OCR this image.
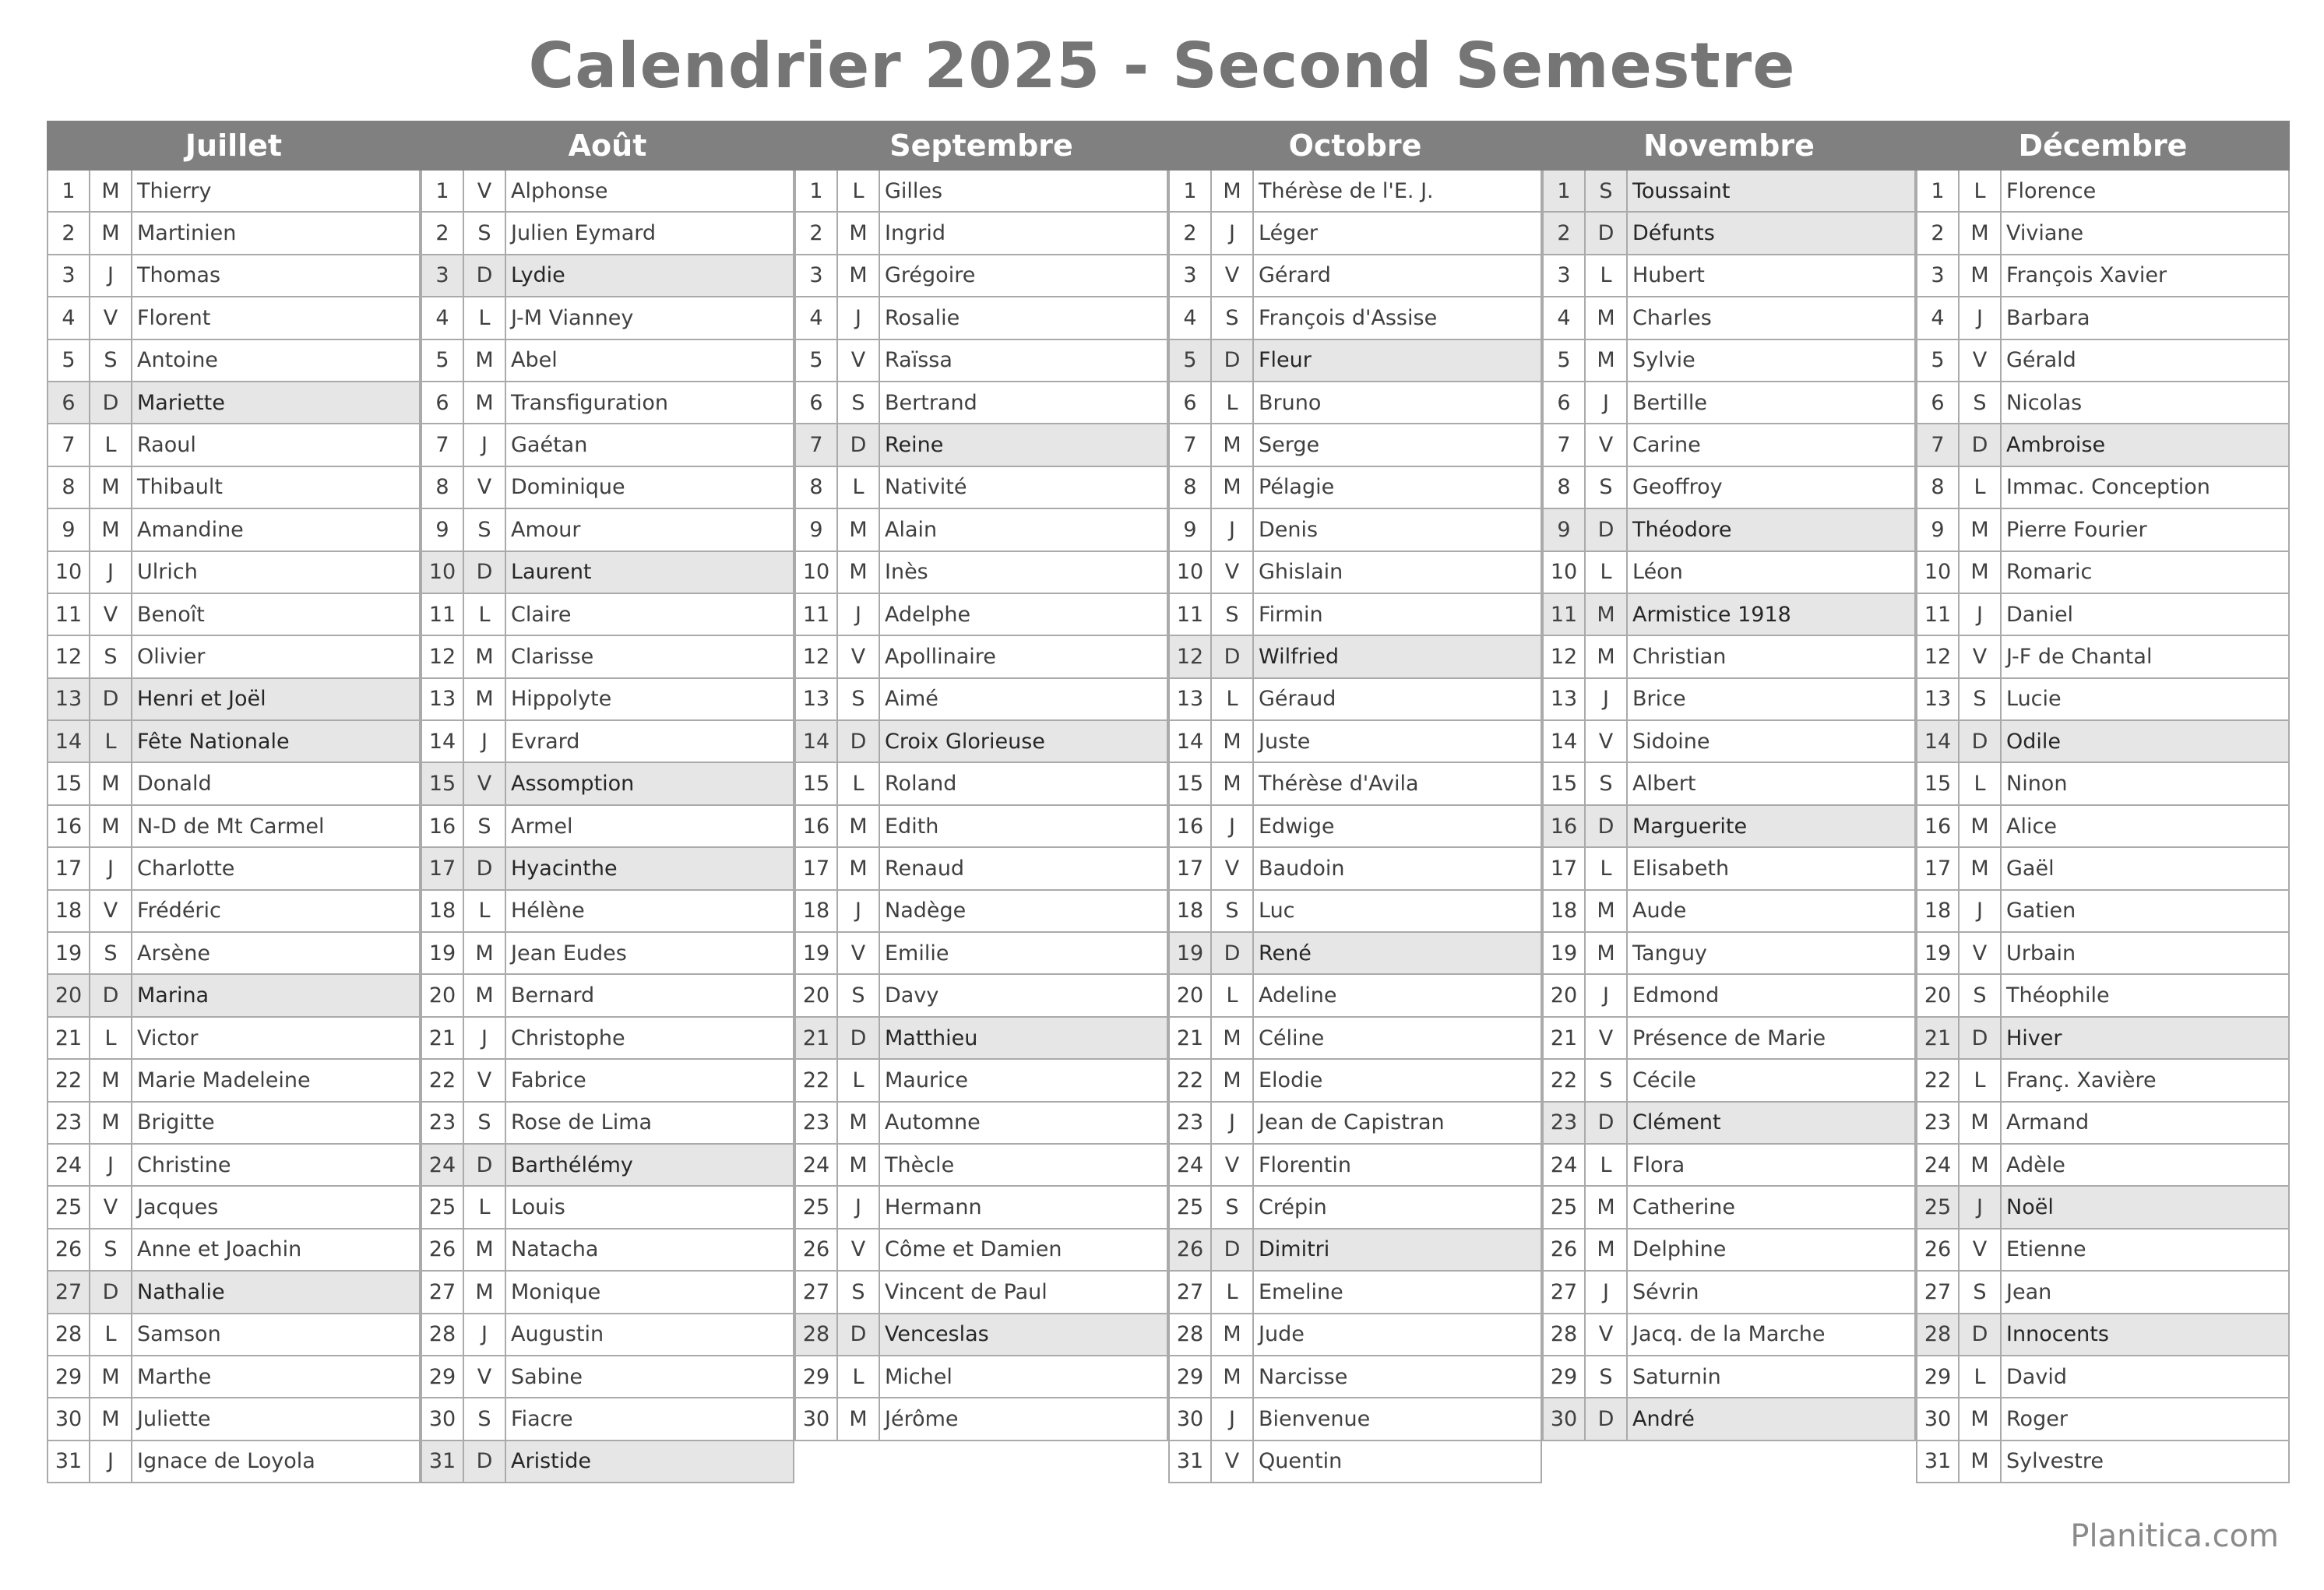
Calendrier 2025 - Second Semestre
Juillet
1	M Thierry
2	M Martinien
3	J	Thomas
4	V Florent
5	S Antoine
6	D Mariette
7	L Raoul
8	M Thibault
9	M Amandine
10	J	Ulrich
11	V Benoît
12	S Olivier
13 D Henri et Joël
14	L Fête Nationale
15 M Donald
16 M N-D de Mt Carmel
17	J	Charlotte
18	V Frédéric
19	S Arsène
20 D Marina
21	L Victor
22 M Marie Madeleine
23 M Brigitte
24	J	Christine
25	V Jacques
26	S Anne et Joachin
27 D Nathalie
28	L Samson
29 M Marthe
30 M Juliette
31	J	Ignace de Loyola
Août
1	V Alphonse
2	S Julien Eymard
3	D Lydie
4	L J-M Vianney
5	M Abel
6	M Transfiguration
7	J	Gaétan
8	V Dominique
9	S Amour
10 D Laurent
11	L Claire
12 M Clarisse
13 M Hippolyte
14	J	Evrard
15	V Assomption
16	S Armel
17 D Hyacinthe
18	L Hélène
19 M Jean Eudes
20 M Bernard
21	J	Christophe
22	V Fabrice
23	S Rose de Lima
24 D Barthélémy
25	L Louis
26 M Natacha
27 M Monique
28	J	Augustin
29	V Sabine
30	S Fiacre
31 D Aristide
Septembre
1	L Gilles
2	M Ingrid
3	M Grégoire
4	J	Rosalie
5	V Raïssa
6	S Bertrand
7	D Reine
8	L Nativité
9	M Alain
10 M Inès
11	J	Adelphe
12	V Apollinaire
13	S Aimé
14 D Croix Glorieuse
15	L Roland
16 M Edith
17 M Renaud
18	J	Nadège
19	V Emilie
20	S Davy
21 D Matthieu
22	L Maurice
23 M Automne
24 M Thècle
25	J	Hermann
26	V Côme et Damien
27	S Vincent de Paul
28 D Venceslas
29	L Michel
30 M Jérôme
Octobre
1	M Thérèse de l'E. J.
2	J	Léger
3	V Gérard
4	S François d'Assise
5	D Fleur
6	L Bruno
7	M Serge
8	M Pélagie
9	J	Denis
10	V Ghislain
11	S Firmin
12 D Wilfried
13	L Géraud
14 M Juste
15 M Thérèse d'Avila
16	J	Edwige
17	V Baudoin
18	S Luc
19 D René
20	L Adeline
21 M Céline
22 M Elodie
23	J	Jean de Capistran
24	V Florentin
25	S Crépin
26 D Dimitri
27	L Emeline
28 M Jude
29 M Narcisse
30	J	Bienvenue
31	V Quentin
Novembre
1	S Toussaint
2	D Défunts
3	L Hubert
4	M Charles
5	M Sylvie
6	J	Bertille
7	V Carine
8	S Geoffroy
9	D Théodore
10	L Léon
11 M Armistice 1918
12 M Christian
13	J	Brice
14	V Sidoine
15	S Albert
16 D Marguerite
17	L Elisabeth
18 M Aude
19 M Tanguy
20	J	Edmond
21	V Présence de Marie
22	S Cécile
23 D Clément
24	L Flora
25 M Catherine
26 M Delphine
27	J	Sévrin
28	V Jacq. de la Marche
29	S Saturnin
30 D André
Décembre
1	L Florence
2	M Viviane
3	M François Xavier
4	J	Barbara
5	V Gérald
6	S Nicolas
7	D Ambroise
8	L Immac. Conception
9	M Pierre Fourier
10 M Romaric
11	J	Daniel
12	V J-F de Chantal
13	S Lucie
14 D Odile
15	L Ninon
16 M Alice
17 M Gaël
18	J	Gatien
19	V Urbain
20	S Théophile
21 D Hiver
22	L Franç. Xavière
23 M Armand
24 M Adèle
25	J	Noël
26	V Etienne
27	S Jean
28 D Innocents
29	L David
30 M Roger
31 M Sylvestre
Planitica.com
